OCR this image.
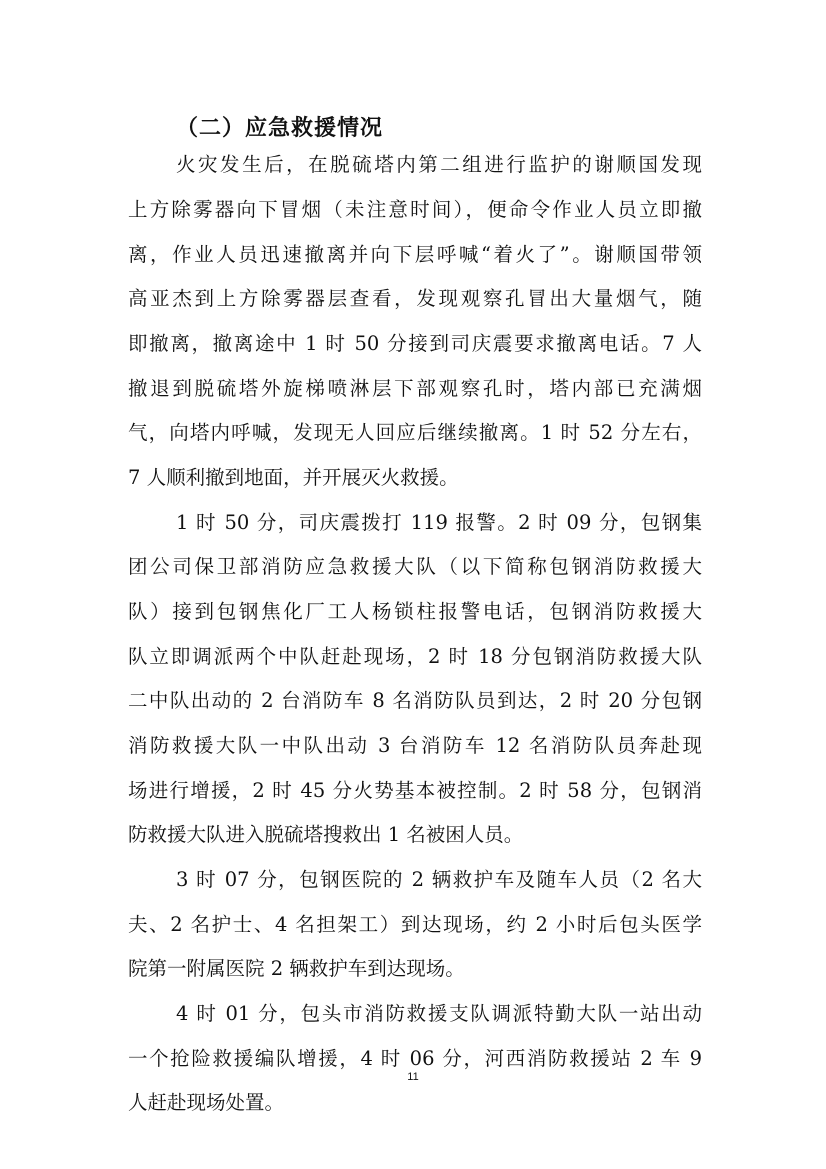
（二）应急救援情况

火灾发生后，在脱硫塔内第二组进行监护的谢顺国发现

上方除雾器向下冒烟（未注意时间），便命令作业人员立即撤

离，作业人员迅速撤离并向下层呼喊“着火了”。谢顺国带领

高亚杰到上方除雾器层查看，发现观察孔冒出大量烟气，随

即撤离，撤离途中 1 时 50 分接到司庆震要求撤离电话。7 人

撤退到脱硫塔外旋梯喷淋层下部观察孔时，塔内部已充满烟

气，向塔内呼喊，发现无人回应后继续撤离。1 时 52 分左右，

7 人顺利撤到地面，并开展灭火救援。

1 时 50 分，司庆震拨打 119 报警。2 时 09 分，包钢集

团公司保卫部消防应急救援大队（以下简称包钢消防救援大

队）接到包钢焦化厂工人杨锁柱报警电话，包钢消防救援大

队立即调派两个中队赶赴现场，2 时 18 分包钢消防救援大队

二中队出动的 2 台消防车 8 名消防队员到达，2 时 20 分包钢

消防救援大队一中队出动 3 台消防车 12 名消防队员奔赴现

场进行增援，2 时 45 分火势基本被控制。2 时 58 分，包钢消

防救援大队进入脱硫塔搜救出 1 名被困人员。

3 时 07 分，包钢医院的 2 辆救护车及随车人员（2 名大

夫、2 名护士、4 名担架工）到达现场，约 2 小时后包头医学

院第一附属医院 2 辆救护车到达现场。

4 时 01 分，包头市消防救援支队调派特勤大队一站出动

一个抢险救援编队增援，4 时 06 分，河西消防救援站 2 车 9

人赶赴现场处置。

11
